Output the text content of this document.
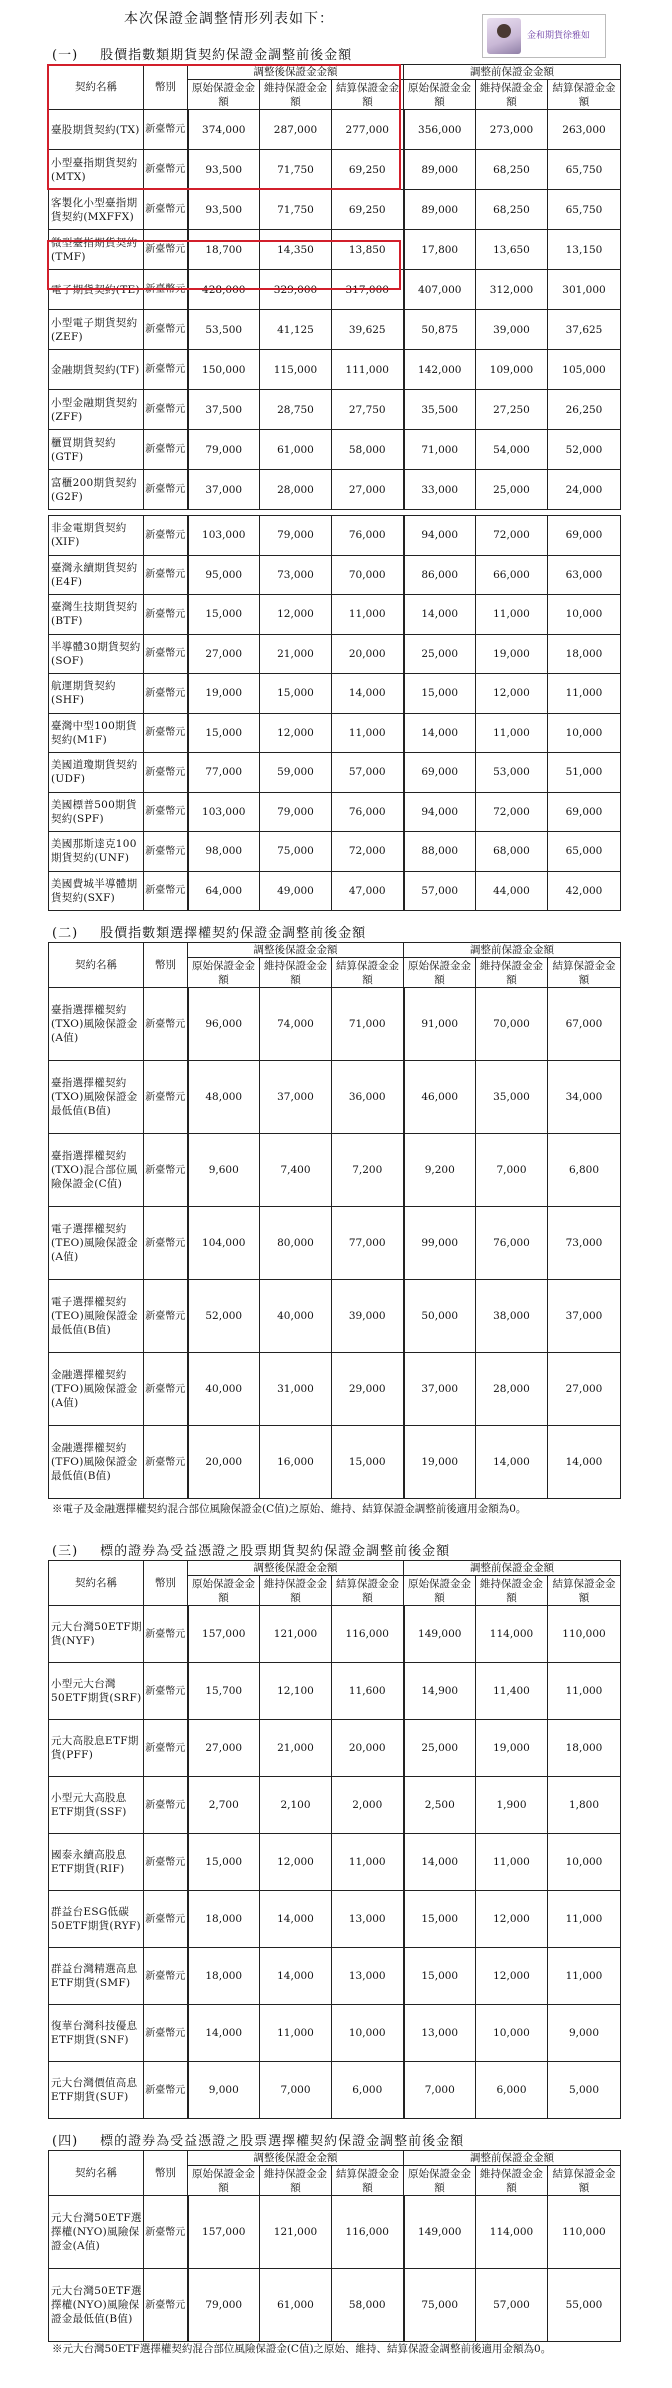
本次保證金調整情形列表如下：
金和期貨徐雅如
(一) 股價指數類期貨契約保證金調整前後金額
契約名稱	幣別	調整後保證金金額			調整前保證金金額		
		原始保證金金額	維持保證金金額	結算保證金金額	原始保證金金額	維持保證金金額	結算保證金金額
臺股期貨契約(TX)	新臺幣元	374,000	287,000	277,000	356,000	273,000	263,000
小型臺指期貨契約(MTX)	新臺幣元	93,500	71,750	69,250	89,000	68,250	65,750
客製化小型臺指期貨契約(MXFFX)	新臺幣元	93,500	71,750	69,250	89,000	68,250	65,750
微型臺指期貨契約(TMF)	新臺幣元	18,700	14,350	13,850	17,800	13,650	13,150
電子期貨契約(TE)	新臺幣元	428,000	329,000	317,000	407,000	312,000	301,000
小型電子期貨契約(ZEF)	新臺幣元	53,500	41,125	39,625	50,875	39,000	37,625
金融期貨契約(TF)	新臺幣元	150,000	115,000	111,000	142,000	109,000	105,000
小型金融期貨契約(ZFF)	新臺幣元	37,500	28,750	27,750	35,500	27,250	26,250
櫃買期貨契約(GTF)	新臺幣元	79,000	61,000	58,000	71,000	54,000	52,000
富櫃200期貨契約(G2F)	新臺幣元	37,000	28,000	27,000	33,000	25,000	24,000
非金電期貨契約(XIF)	新臺幣元	103,000	79,000	76,000	94,000	72,000	69,000
臺灣永續期貨契約(E4F)	新臺幣元	95,000	73,000	70,000	86,000	66,000	63,000
臺灣生技期貨契約(BTF)	新臺幣元	15,000	12,000	11,000	14,000	11,000	10,000
半導體30期貨契約(SOF)	新臺幣元	27,000	21,000	20,000	25,000	19,000	18,000
航運期貨契約(SHF)	新臺幣元	19,000	15,000	14,000	15,000	12,000	11,000
臺灣中型100期貨契約(M1F)	新臺幣元	15,000	12,000	11,000	14,000	11,000	10,000
美國道瓊期貨契約(UDF)	新臺幣元	77,000	59,000	57,000	69,000	53,000	51,000
美國標普500期貨契約(SPF)	新臺幣元	103,000	79,000	76,000	94,000	72,000	69,000
美國那斯達克100期貨契約(UNF)	新臺幣元	98,000	75,000	72,000	88,000	68,000	65,000
美國費城半導體期貨契約(SXF)	新臺幣元	64,000	49,000	47,000	57,000	44,000	42,000
(二) 股價指數類選擇權契約保證金調整前後金額
契約名稱	幣別	調整後保證金金額			調整前保證金金額		
		原始保證金金額	維持保證金金額	結算保證金金額	原始保證金金額	維持保證金金額	結算保證金金額
臺指選擇權契約(TXO)風險保證金(A值)	新臺幣元	96,000	74,000	71,000	91,000	70,000	67,000
臺指選擇權契約(TXO)風險保證金最低值(B值)	新臺幣元	48,000	37,000	36,000	46,000	35,000	34,000
臺指選擇權契約(TXO)混合部位風險保證金(C值)	新臺幣元	9,600	7,400	7,200	9,200	7,000	6,800
電子選擇權契約(TEO)風險保證金(A值)	新臺幣元	104,000	80,000	77,000	99,000	76,000	73,000
電子選擇權契約(TEO)風險保證金最低值(B值)	新臺幣元	52,000	40,000	39,000	50,000	38,000	37,000
金融選擇權契約(TFO)風險保證金(A值)	新臺幣元	40,000	31,000	29,000	37,000	28,000	27,000
金融選擇權契約(TFO)風險保證金最低值(B值)	新臺幣元	20,000	16,000	15,000	19,000	14,000	14,000
※電子及金融選擇權契約混合部位風險保證金(C值)之原始、維持、結算保證金調整前後適用金額為0。
(三) 標的證券為受益憑證之股票期貨契約保證金調整前後金額
契約名稱	幣別	調整後保證金金額			調整前保證金金額		
		原始保證金金額	維持保證金金額	結算保證金金額	原始保證金金額	維持保證金金額	結算保證金金額
元大台灣50ETF期貨(NYF)	新臺幣元	157,000	121,000	116,000	149,000	114,000	110,000
小型元大台灣50ETF期貨(SRF)	新臺幣元	15,700	12,100	11,600	14,900	11,400	11,000
元大高股息ETF期貨(PFF)	新臺幣元	27,000	21,000	20,000	25,000	19,000	18,000
小型元大高股息ETF期貨(SSF)	新臺幣元	2,700	2,100	2,000	2,500	1,900	1,800
國泰永續高股息ETF期貨(RIF)	新臺幣元	15,000	12,000	11,000	14,000	11,000	10,000
群益台ESG低碳50ETF期貨(RYF)	新臺幣元	18,000	14,000	13,000	15,000	12,000	11,000
群益台灣精選高息ETF期貨(SMF)	新臺幣元	18,000	14,000	13,000	15,000	12,000	11,000
復華台灣科技優息ETF期貨(SNF)	新臺幣元	14,000	11,000	10,000	13,000	10,000	9,000
元大台灣價值高息ETF期貨(SUF)	新臺幣元	9,000	7,000	6,000	7,000	6,000	5,000
(四) 標的證券為受益憑證之股票選擇權契約保證金調整前後金額
契約名稱	幣別	調整後保證金金額			調整前保證金金額		
		原始保證金金額	維持保證金金額	結算保證金金額	原始保證金金額	維持保證金金額	結算保證金金額
元大台灣50ETF選擇權(NYO)風險保證金(A值)	新臺幣元	157,000	121,000	116,000	149,000	114,000	110,000
元大台灣50ETF選擇權(NYO)風險保證金最低值(B值)	新臺幣元	79,000	61,000	58,000	75,000	57,000	55,000
※元大台灣50ETF選擇權契約混合部位風險保證金(C值)之原始、維持、結算保證金調整前後適用金額為0。
